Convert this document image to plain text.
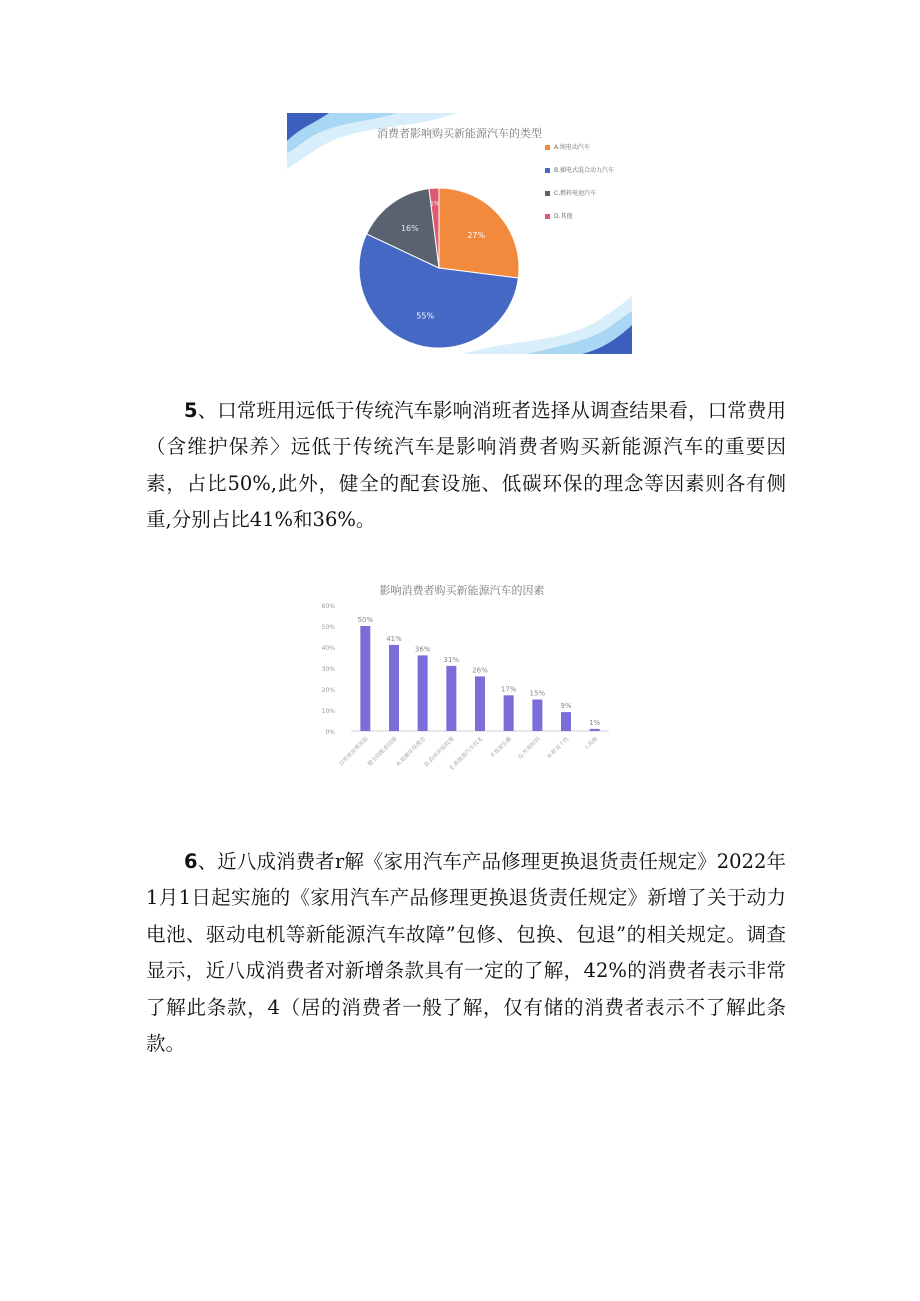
27%
55%
16%
1%
消费者影响购买新能源汽车的类型
A.纯电动汽车
B.插电式混合动力汽车
C.燃料电池汽车
D.其他

5、口常班用远低于传统汽车影响消班者选择从调查结果看，口常费用（含维护保养〉远低于传统汽车是影响消费者购买新能源汽车的重要因素，占比50%,此外，健全的配套设施、低碳环保的理念等因素则各有侧重,分别占比41%和36%。

影响消费者购买新能源汽车的因素
0%
10%
20%
30%
40%
50%
60%
50%
41%
36%
31%
26%
17%
15%
9%
1%
日常使用费用低
健全的配套设施
A.低碳环保理念
D.政府补贴政策
E.新能源汽车技术 F.驾驶乐趣 G.外观时尚 H.彰显个性	I.其他

6、近八成消费者r解《家用汽车产品修理更换退货责任规定》2022年1月1日起实施的《家用汽车产品修理更换退货责任规定》新增了关于动力电池、驱动电机等新能源汽车故障”包修、包换、包退”的相关规定。调查显示，近八成消费者对新增条款具有一定的了解，42%的消费者表示非常了解此条款，4（居的消费者一般了解，仅有储的消费者表示不了解此条款。
